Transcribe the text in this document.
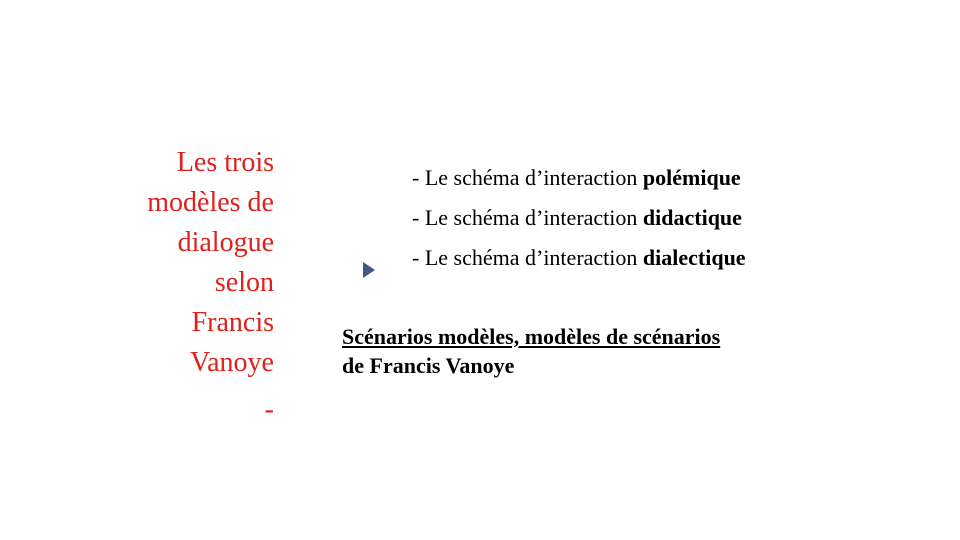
Les trois
modèles de
dialogue
selon
Francis
Vanoye
-
- Le schéma d’interaction polémique
- Le schéma d’interaction didactique
- Le schéma d’interaction dialectique
Scénarios modèles, modèles de scénarios
de Francis Vanoye
